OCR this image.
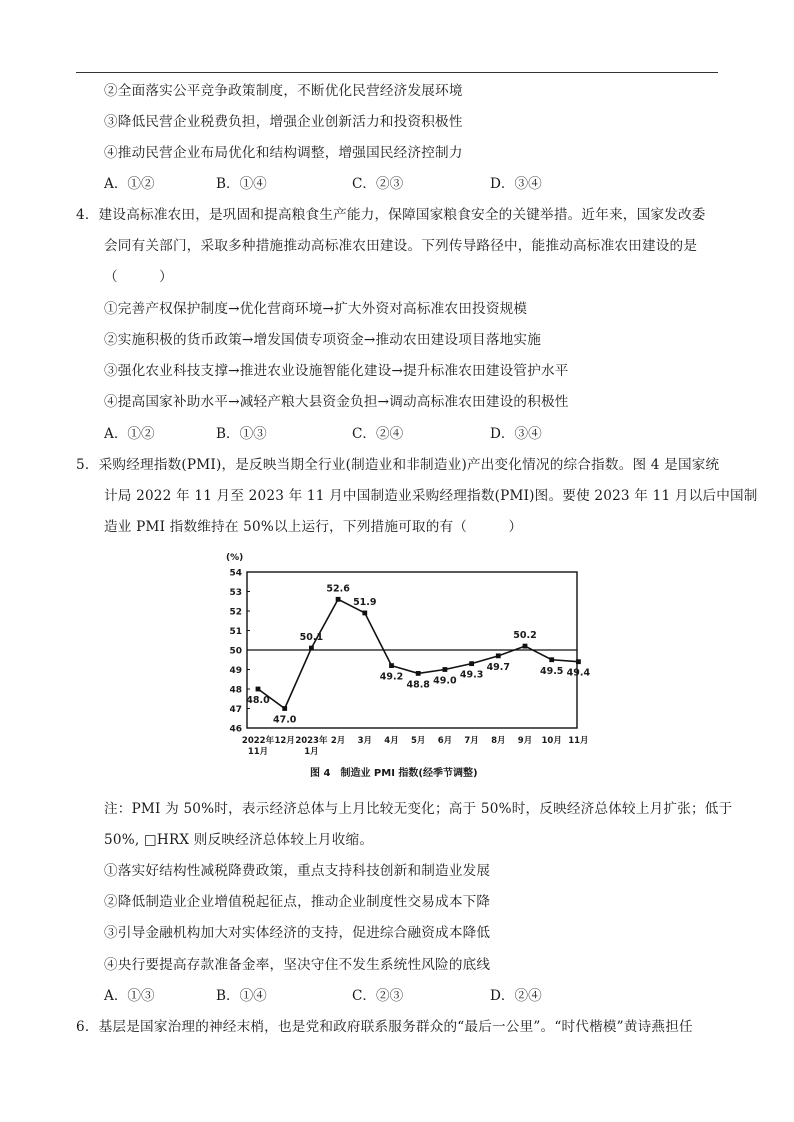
②全面落实公平竞争政策制度，不断优化民营经济发展环境
③降低民营企业税费负担，增强企业创新活力和投资积极性
④推动民营企业布局优化和结构调整，增强国民经济控制力
A．①②	B．①④	C．②③	D．③④
4．建设高标准农田，是巩固和提高粮食生产能力，保障国家粮食安全的关键举措。近年来，国家发改委
会同有关部门，采取多种措施推动高标准农田建设。下列传导路径中，能推动高标准农田建设的是
（　　　）
①完善产权保护制度→优化营商环境→扩大外资对高标准农田投资规模
②实施积极的货币政策→增发国债专项资金→推动农田建设项目落地实施
③强化农业科技支撑→推进农业设施智能化建设→提升标准农田建设管护水平
④提高国家补助水平→减轻产粮大县资金负担→调动高标准农田建设的积极性
A．①②	B．①③	C．②④	D．③④
5．采购经理指数(PMI)，是反映当期全行业(制造业和非制造业)产出变化情况的综合指数。图 4 是国家统
计局 2022 年 11 月至 2023 年 11 月中国制造业采购经理指数(PMI)图。要使 2023 年 11 月以后中国制
造业 PMI 指数维持在 50%以上运行，下列措施可取的有（　　　）
(%)
46
47
48
49
50
51
52
53
54
48.0
47.0
50.1
52.6
51.9
49.2
48.8 49.0
49.3
49.7
50.2
49.5 49.4
2022年
11月
12月 2023年
1月
2月 3月 4月 5月 6月 7月 8月 9月 10月 11月
图 4　制造业 PMI 指数(经季节调整)
注：PMI 为 50%时，表示经济总体与上月比较无变化；高于 50%时，反映经济总体较上月扩张；低于
50%, □HRX 则反映经济总体较上月收缩。
①落实好结构性减税降费政策，重点支持科技创新和制造业发展
②降低制造业企业增值税起征点，推动企业制度性交易成本下降
③引导金融机构加大对实体经济的支持，促进综合融资成本降低
④央行要提高存款准备金率，坚决守住不发生系统性风险的底线
A．①③	B．①④	C．②③	D．②④
6．基层是国家治理的神经末梢，也是党和政府联系服务群众的“最后一公里”。“时代楷模”黄诗燕担任
